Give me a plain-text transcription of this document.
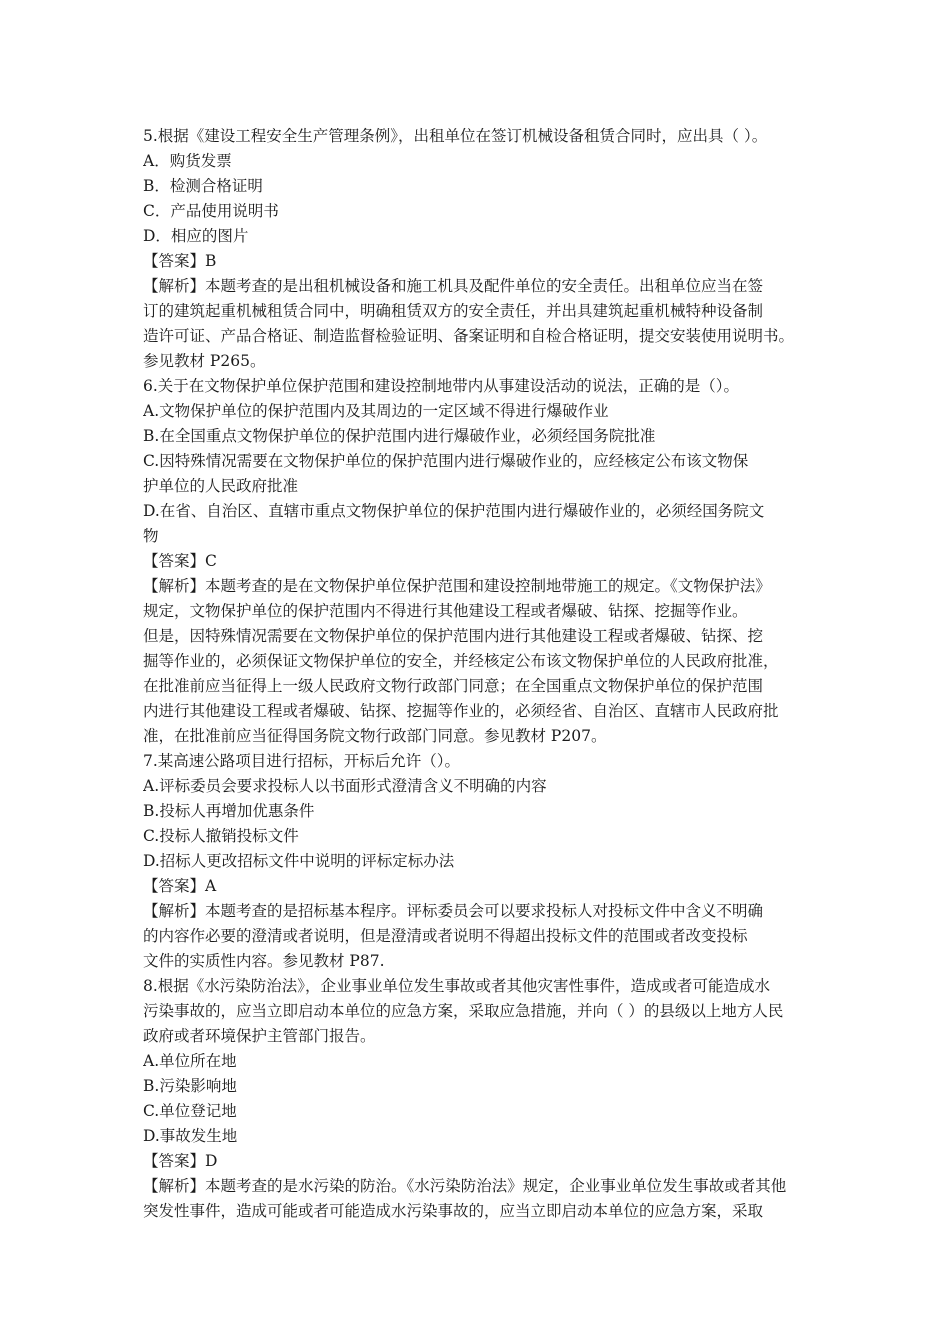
5.根据《建设工程安全生产管理条例》，出租单位在签订机械设备租赁合同时，应出具（ ）。
A．购货发票
B．检测合格证明
C．产品使用说明书
D．相应的图片
【答案】B
【解析】本题考查的是出租机械设备和施工机具及配件单位的安全责任。出租单位应当在签
订的建筑起重机械租赁合同中，明确租赁双方的安全责任，并出具建筑起重机械特种设备制
造许可证、产品合格证、制造监督检验证明、备案证明和自检合格证明，提交安装使用说明书。
参见教材 P265。
6.关于在文物保护单位保护范围和建设控制地带内从事建设活动的说法，正确的是（）。
A.文物保护单位的保护范围内及其周边的一定区域不得进行爆破作业
B.在全国重点文物保护单位的保护范围内进行爆破作业，必须经国务院批准
C.因特殊情况需要在文物保护单位的保护范围内进行爆破作业的，应经核定公布该文物保
护单位的人民政府批准
D.在省、自治区、直辖市重点文物保护单位的保护范围内进行爆破作业的，必须经国务院文
物
【答案】C
【解析】本题考查的是在文物保护单位保护范围和建设控制地带施工的规定。《文物保护法》
规定，文物保护单位的保护范围内不得进行其他建设工程或者爆破、钻探、挖掘等作业。
但是，因特殊情况需要在文物保护单位的保护范围内进行其他建设工程或者爆破、钻探、挖
掘等作业的，必须保证文物保护单位的安全，并经核定公布该文物保护单位的人民政府批准，
在批准前应当征得上一级人民政府文物行政部门同意；在全国重点文物保护单位的保护范围
内进行其他建设工程或者爆破、钻探、挖掘等作业的，必须经省、自治区、直辖市人民政府批
准，在批准前应当征得国务院文物行政部门同意。参见教材 P207。
7.某高速公路项目进行招标，开标后允许（）。
A.评标委员会要求投标人以书面形式澄清含义不明确的内容
B.投标人再增加优惠条件
C.投标人撤销投标文件
D.招标人更改招标文件中说明的评标定标办法
【答案】A
【解析】本题考查的是招标基本程序。评标委员会可以要求投标人对投标文件中含义不明确
的内容作必要的澄清或者说明，但是澄清或者说明不得超出投标文件的范围或者改变投标
文件的实质性内容。参见教材 P87.
8.根据《水污染防治法》，企业事业单位发生事故或者其他灾害性事件，造成或者可能造成水
污染事故的，应当立即启动本单位的应急方案，采取应急措施，并向（ ）的县级以上地方人民
政府或者环境保护主管部门报告。
A.单位所在地
B.污染影响地
C.单位登记地
D.事故发生地
【答案】D
【解析】本题考查的是水污染的防治。《水污染防治法》规定，企业事业单位发生事故或者其他
突发性事件，造成可能或者可能造成水污染事故的，应当立即启动本单位的应急方案，采取
